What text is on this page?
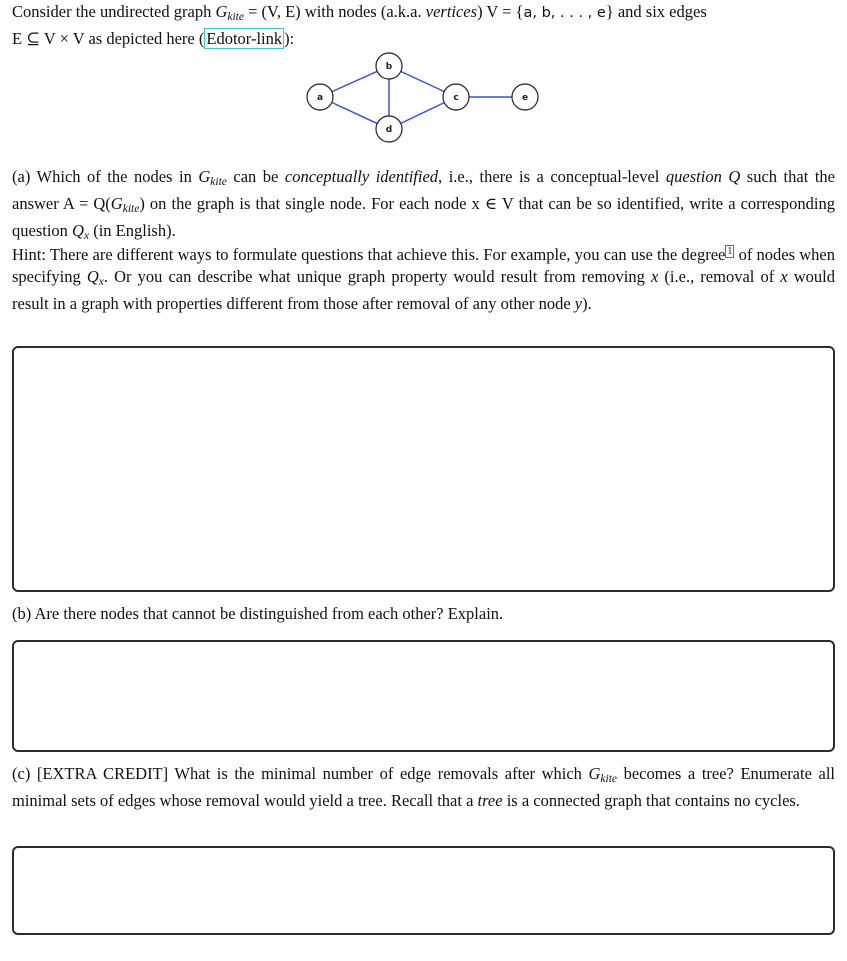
Consider the undirected graph $G_{kite} = (V$, E) with nodes (a.k.a. vertices) V = {a, b, . . . , e} and six edges
E ⊆ V × V as depicted here ( Edotor-link ):
a
b
c
d
e
(a) Which of the nodes in $G_{kite}$ can be conceptually identified, i.e., there is a conceptual-level question Q such that the answer $A = Q(G_{kite})$ on the graph is that single node. For each node x ∈ V that can be so identified, write a corresponding question $Q_x$ (in English).
Hint: There are different ways to formulate questions that achieve this. For example, you can use the degree $^1$ of nodes when specifying $Q_x$. Or you can describe what unique graph property would result from removing x (i.e., removal of x would result in a graph with properties different from those after removal of any other node y).
(b) Are there nodes that cannot be distinguished from each other? Explain.
(c) [EXTRA CREDIT] What is the minimal number of edge removals after which $G_{kite}$ becomes a tree? Enumerate all minimal sets of edges whose removal would yield a tree. Recall that a tree is a connected graph that contains no cycles.
